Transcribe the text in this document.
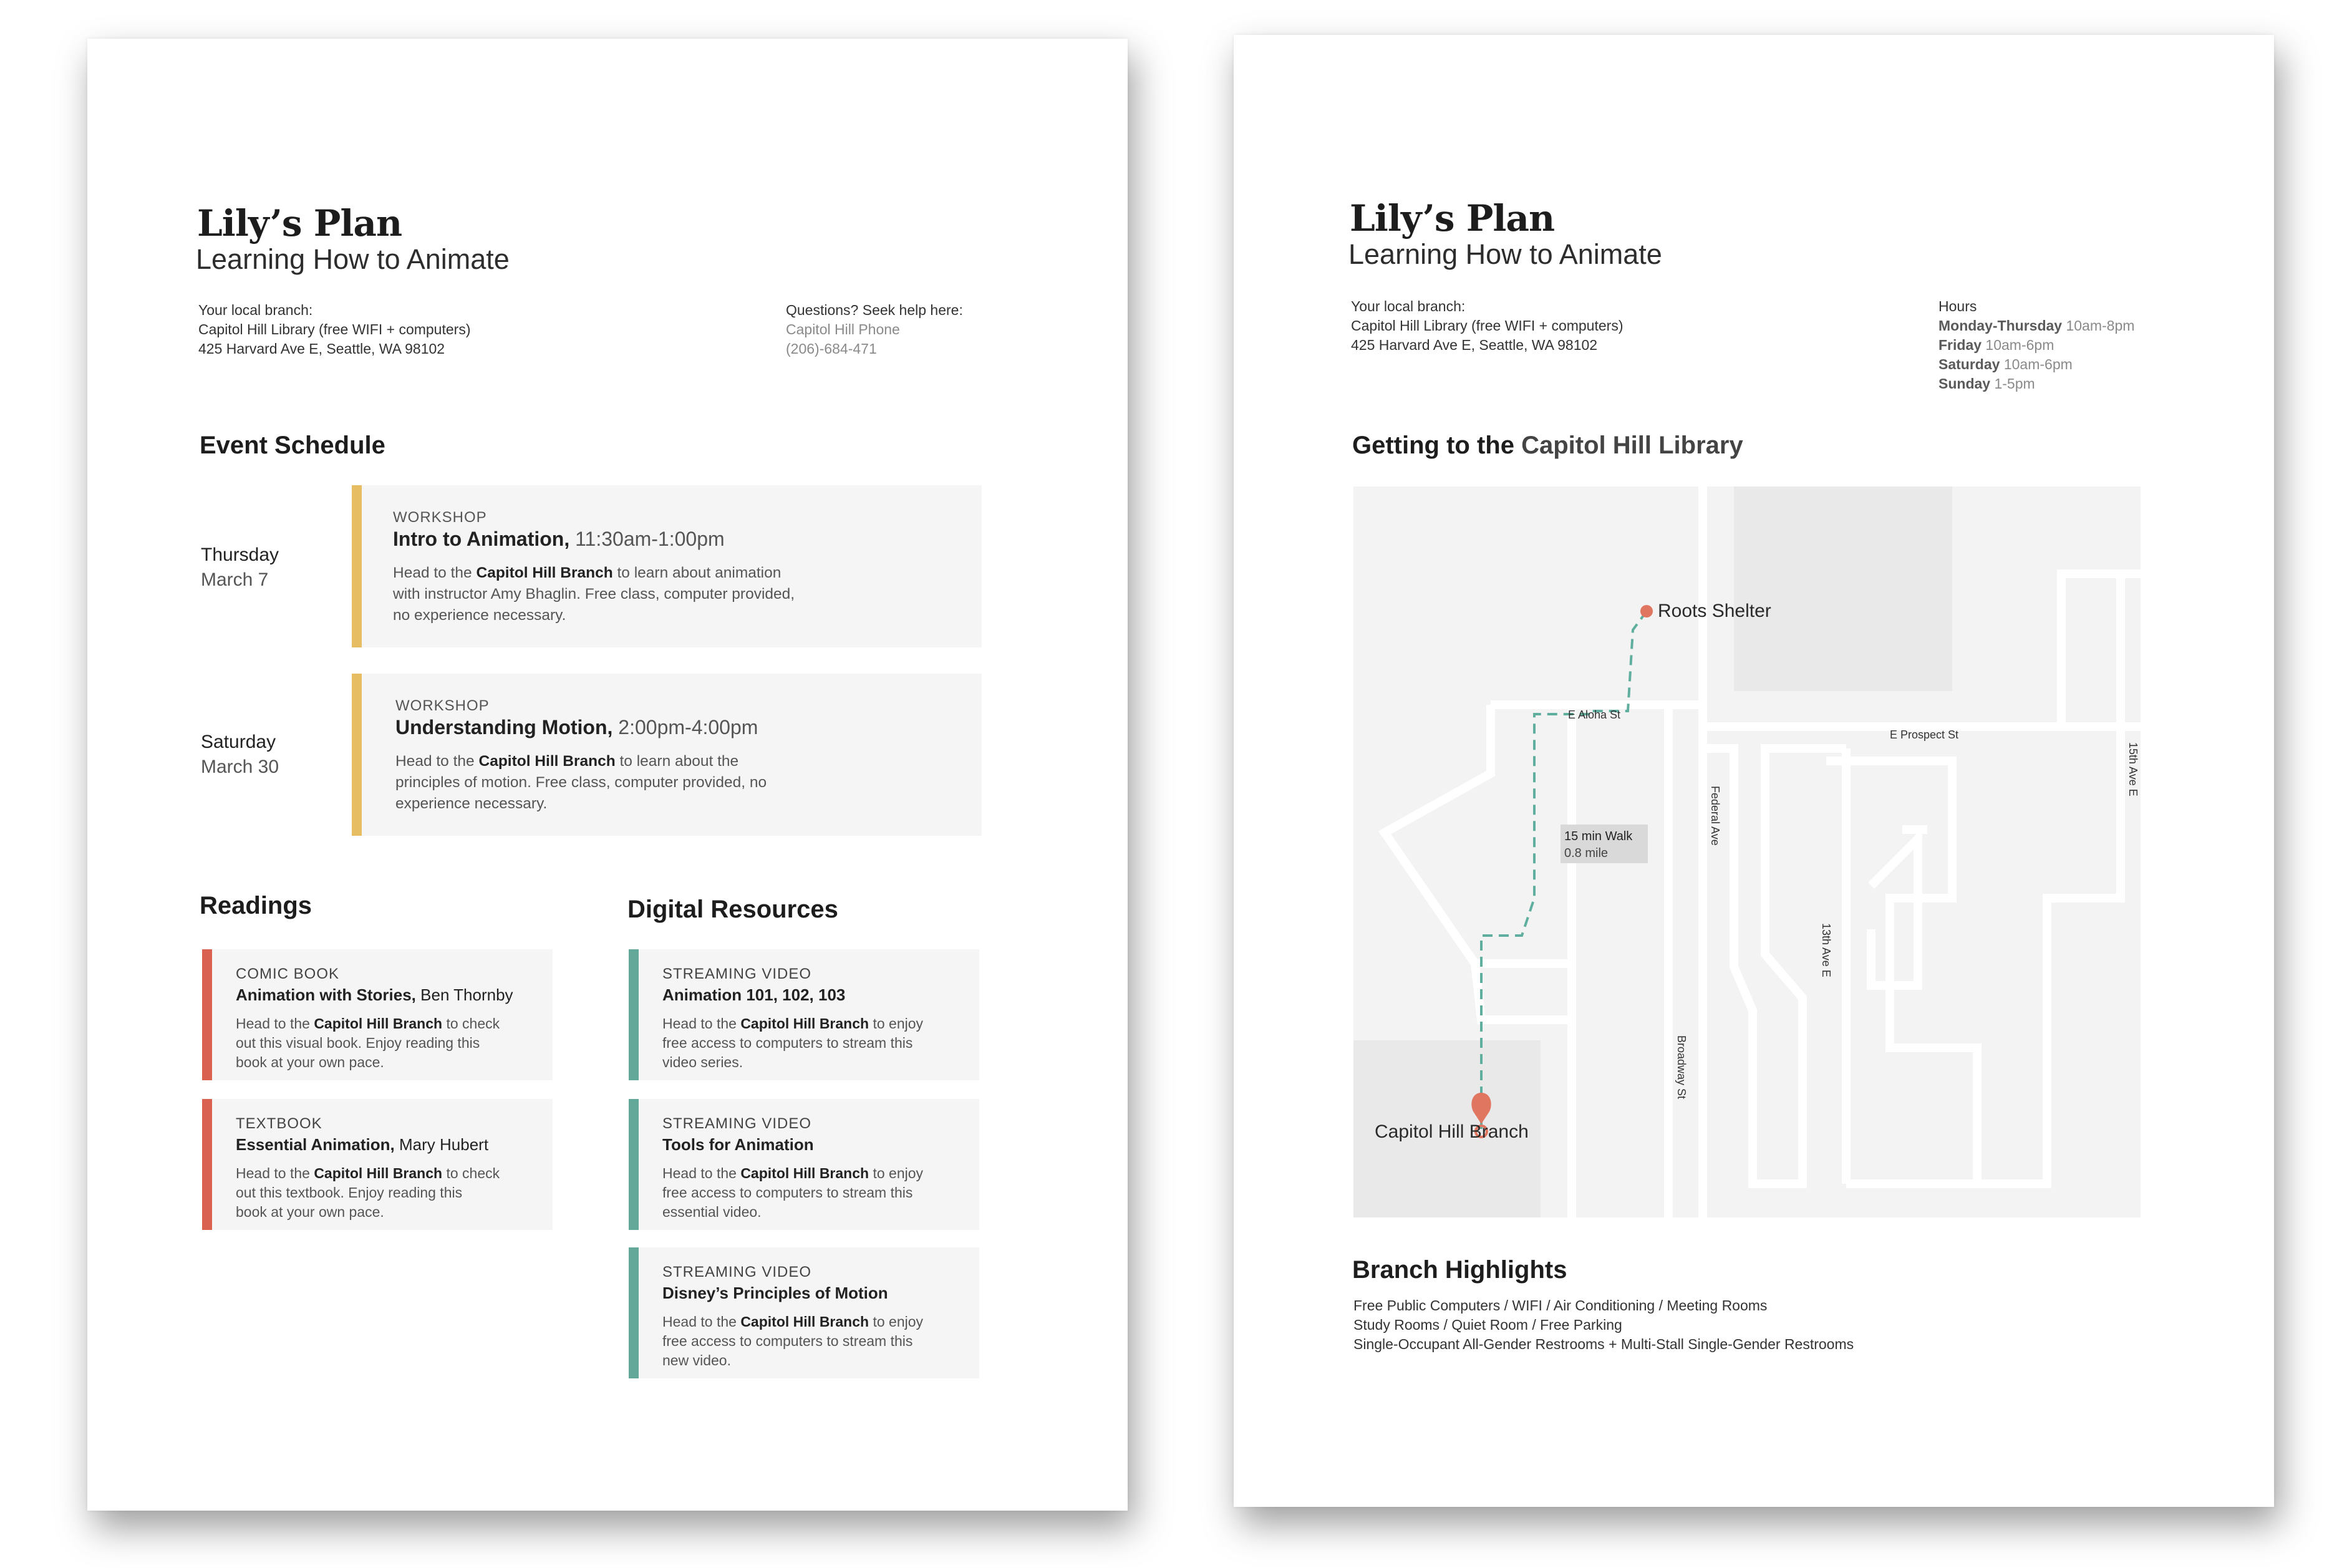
Lily’s Plan
Learning How to Animate
Your local branch:
Capitol Hill Library (free WIFI + computers)
425 Harvard Ave E, Seattle, WA 98102
Questions? Seek help here:
Capitol Hill Phone
(206)-684-471
Event Schedule
Thursday
March 7
WORKSHOP
Intro to Animation, 11:30am-1:00pm
Head to the Capitol Hill Branch to learn about animation
with instructor Amy Bhaglin. Free class, computer provided,
no experience necessary.
Saturday
March 30
WORKSHOP
Understanding Motion, 2:00pm-4:00pm
Head to the Capitol Hill Branch to learn about the
principles of motion. Free class, computer provided, no
experience necessary.
Readings
COMIC BOOK
Animation with Stories, Ben Thornby
Head to the Capitol Hill Branch to check
out this visual book. Enjoy reading this
book at your own pace.
TEXTBOOK
Essential Animation, Mary Hubert
Head to the Capitol Hill Branch to check
out this textbook. Enjoy reading this
book at your own pace.
Digital Resources
STREAMING VIDEO
Animation 101, 102, 103
Head to the Capitol Hill Branch to enjoy
free access to computers to stream this
video series.
STREAMING VIDEO
Tools for Animation
Head to the Capitol Hill Branch to enjoy
free access to computers to stream this
essential video.
STREAMING VIDEO
Disney’s Principles of Motion
Head to the Capitol Hill Branch to enjoy
free access to computers to stream this
new video.
Lily’s Plan
Learning How to Animate
Your local branch:
Capitol Hill Library (free WIFI + computers)
425 Harvard Ave E, Seattle, WA 98102
Hours
Monday-Thursday 10am-8pm
Friday 10am-6pm
Saturday 10am-6pm
Sunday 1-5pm
Getting to the Capitol Hill Library
15 min Walk
0.8 mile
Roots Shelter
Capitol Hill Branch
E Aloha St
E Prospect St
Federal Ave
Broadway St
13th Ave E
15th Ave E
Branch Highlights
Free Public Computers / WIFI / Air Conditioning / Meeting Rooms
Study Rooms / Quiet Room / Free Parking
Single-Occupant All-Gender Restrooms + Multi-Stall Single-Gender Restrooms
